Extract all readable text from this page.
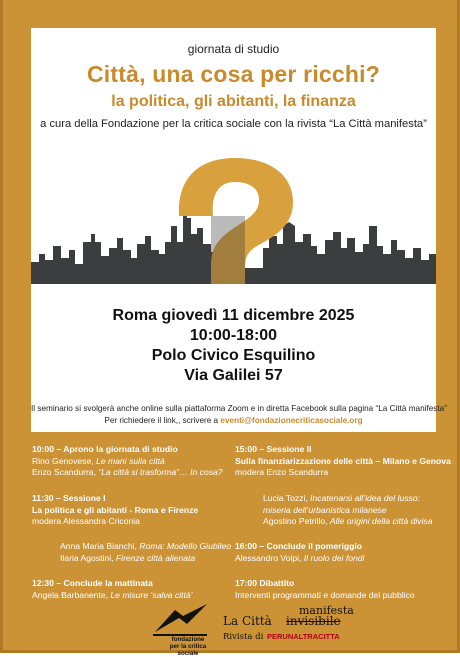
giornata di studio
Città, una cosa per ricchi?
la politica, gli abitanti, la finanza
a cura della Fondazione per la critica sociale con la rivista “La Città manifesta”
Roma giovedì 11 dicembre 2025
10:00-18:00
Polo Civico Esquilino
Via Galilei 57
Il seminario si svolgerà anche online sulla piattaforma Zoom e in diretta Facebook sulla pagina “La Città manifesta”
Per richiedere il link,, scrivere a eventi@fondazionecriticasociale.org
10:00 – Aprono la giornata di studio
Rino Genovese, Le mani sulla città
Enzo Scandurra, “La città si trasforma”… In cosa?
11:30 – Sessione I
La politica e gli abitanti - Roma e Firenze
modera Alessandra Criconia
Anna Maria Bianchi, Roma: Modello Giubileo
Ilaria Agostini, Firenze città alienata
12:30 – Conclude la mattinata
Angela Barbanente, Le misure ‘salva città’
15:00 – Sessione II
Sulla finanziarizzazione delle città – Milano e Genova
modera Enzo Scandurra
Lucia Tozzi, Incatenarsi all’idea del lusso:
miseria dell’urbanistica milanese
Agostino Petrillo, Alle origini della città divisa
16:00 – Conclude il pomeriggio
Alessandro Volpi, Il ruolo dei fondi
17:00 Dibattito
Interventi programmati e domande del pubblico
fondazione
per la critica sociale
La Città invisibile
manifesta
Rivista di PERUNALTRACITTA
